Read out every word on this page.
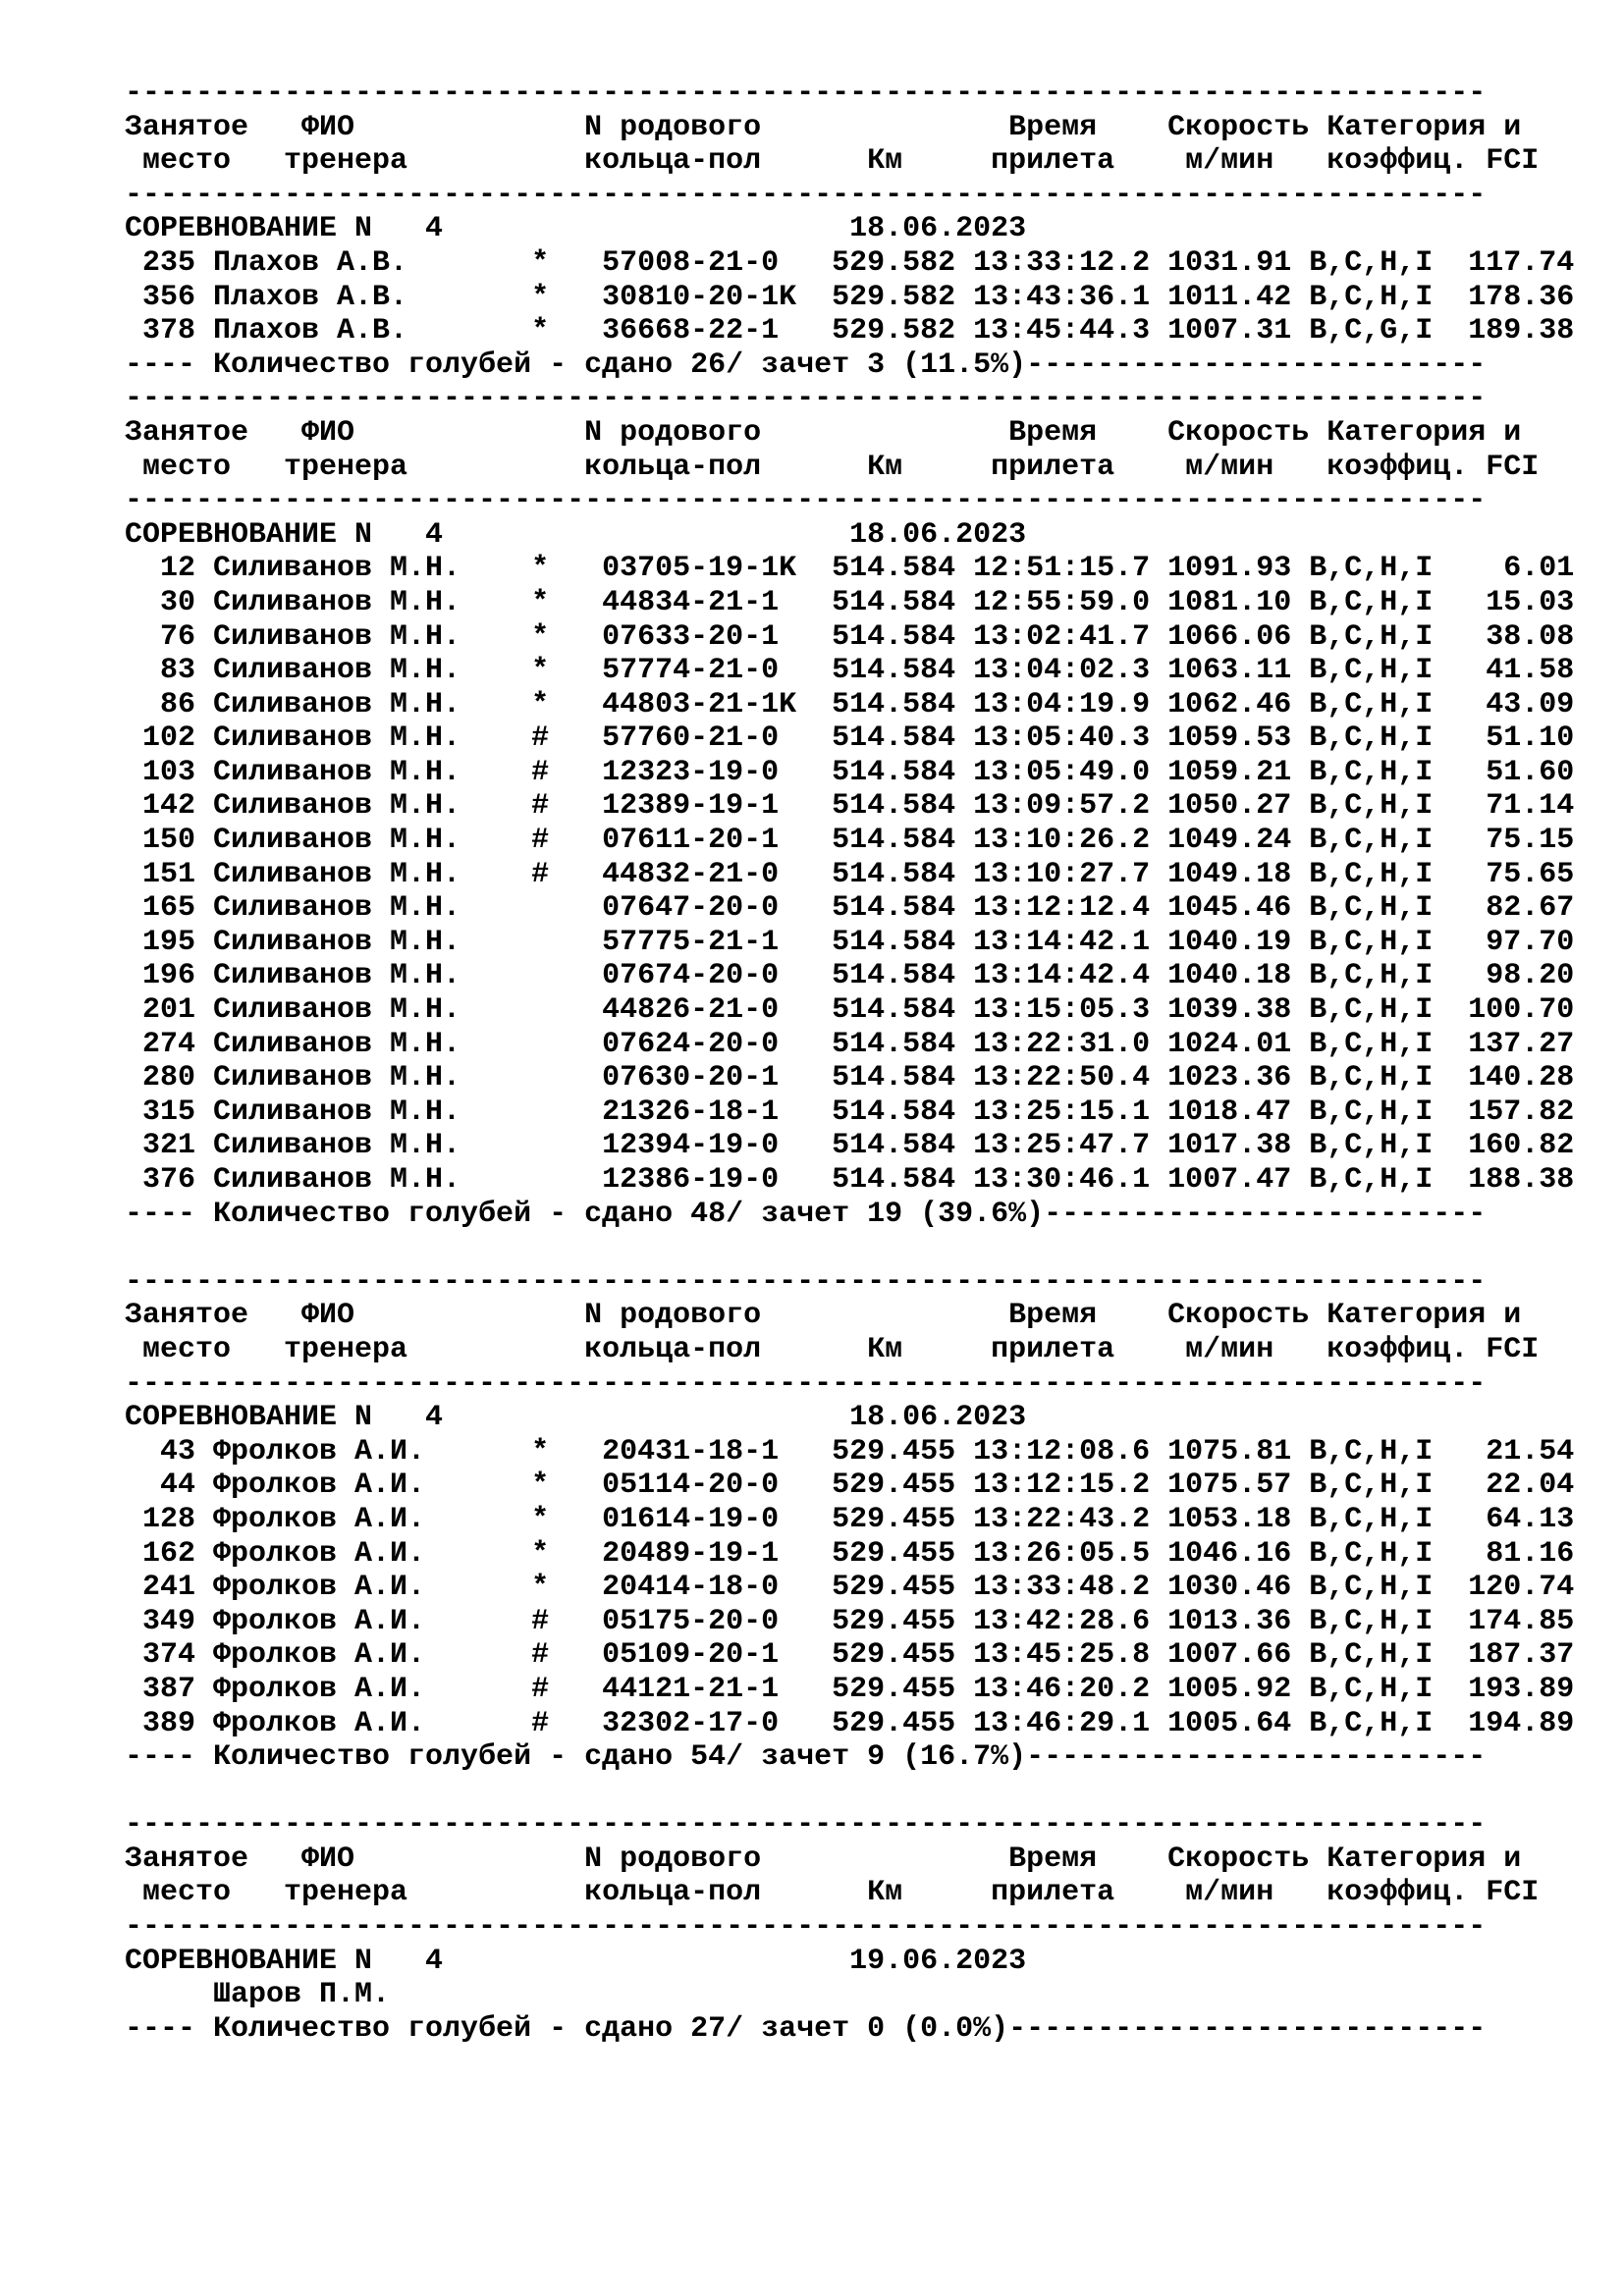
-----------------------------------------------------------------------------
Занятое   ФИО             N родового              Время    Скорость Категория и
место   тренера          кольца-пол      Км     прилета    м/мин   коэффиц. FCI
-----------------------------------------------------------------------------
СОРЕВНОВАНИЕ N   4                       18.06.2023
235 Плахов А.В.       *   57008-21-0   529.582 13:33:12.2 1031.91 B,C,H,I  117.74
356 Плахов А.В.       *   30810-20-1K  529.582 13:43:36.1 1011.42 B,C,H,I  178.36
378 Плахов А.В.       *   36668-22-1   529.582 13:45:44.3 1007.31 B,C,G,I  189.38
---- Количество голубей - сдано 26/ зачет 3 (11.5%)--------------------------
-----------------------------------------------------------------------------
Занятое   ФИО             N родового              Время    Скорость Категория и
место   тренера          кольца-пол      Км     прилета    м/мин   коэффиц. FCI
-----------------------------------------------------------------------------
СОРЕВНОВАНИЕ N   4                       18.06.2023
12 Силиванов М.Н.    *   03705-19-1K  514.584 12:51:15.7 1091.93 B,C,H,I    6.01
30 Силиванов М.Н.    *   44834-21-1   514.584 12:55:59.0 1081.10 B,C,H,I   15.03
76 Силиванов М.Н.    *   07633-20-1   514.584 13:02:41.7 1066.06 B,C,H,I   38.08
83 Силиванов М.Н.    *   57774-21-0   514.584 13:04:02.3 1063.11 B,C,H,I   41.58
86 Силиванов М.Н.    *   44803-21-1K  514.584 13:04:19.9 1062.46 B,C,H,I   43.09
102 Силиванов М.Н.    #   57760-21-0   514.584 13:05:40.3 1059.53 B,C,H,I   51.10
103 Силиванов М.Н.    #   12323-19-0   514.584 13:05:49.0 1059.21 B,C,H,I   51.60
142 Силиванов М.Н.    #   12389-19-1   514.584 13:09:57.2 1050.27 B,C,H,I   71.14
150 Силиванов М.Н.    #   07611-20-1   514.584 13:10:26.2 1049.24 B,C,H,I   75.15
151 Силиванов М.Н.    #   44832-21-0   514.584 13:10:27.7 1049.18 B,C,H,I   75.65
165 Силиванов М.Н.        07647-20-0   514.584 13:12:12.4 1045.46 B,C,H,I   82.67
195 Силиванов М.Н.        57775-21-1   514.584 13:14:42.1 1040.19 B,C,H,I   97.70
196 Силиванов М.Н.        07674-20-0   514.584 13:14:42.4 1040.18 B,C,H,I   98.20
201 Силиванов М.Н.        44826-21-0   514.584 13:15:05.3 1039.38 B,C,H,I  100.70
274 Силиванов М.Н.        07624-20-0   514.584 13:22:31.0 1024.01 B,C,H,I  137.27
280 Силиванов М.Н.        07630-20-1   514.584 13:22:50.4 1023.36 B,C,H,I  140.28
315 Силиванов М.Н.        21326-18-1   514.584 13:25:15.1 1018.47 B,C,H,I  157.82
321 Силиванов М.Н.        12394-19-0   514.584 13:25:47.7 1017.38 B,C,H,I  160.82
376 Силиванов М.Н.        12386-19-0   514.584 13:30:46.1 1007.47 B,C,H,I  188.38
---- Количество голубей - сдано 48/ зачет 19 (39.6%)-------------------------
-----------------------------------------------------------------------------
Занятое   ФИО             N родового              Время    Скорость Категория и
место   тренера          кольца-пол      Км     прилета    м/мин   коэффиц. FCI
-----------------------------------------------------------------------------
СОРЕВНОВАНИЕ N   4                       18.06.2023
43 Фролков А.И.      *   20431-18-1   529.455 13:12:08.6 1075.81 B,C,H,I   21.54
44 Фролков А.И.      *   05114-20-0   529.455 13:12:15.2 1075.57 B,C,H,I   22.04
128 Фролков А.И.      *   01614-19-0   529.455 13:22:43.2 1053.18 B,C,H,I   64.13
162 Фролков А.И.      *   20489-19-1   529.455 13:26:05.5 1046.16 B,C,H,I   81.16
241 Фролков А.И.      *   20414-18-0   529.455 13:33:48.2 1030.46 B,C,H,I  120.74
349 Фролков А.И.      #   05175-20-0   529.455 13:42:28.6 1013.36 B,C,H,I  174.85
374 Фролков А.И.      #   05109-20-1   529.455 13:45:25.8 1007.66 B,C,H,I  187.37
387 Фролков А.И.      #   44121-21-1   529.455 13:46:20.2 1005.92 B,C,H,I  193.89
389 Фролков А.И.      #   32302-17-0   529.455 13:46:29.1 1005.64 B,C,H,I  194.89
---- Количество голубей - сдано 54/ зачет 9 (16.7%)--------------------------
-----------------------------------------------------------------------------
Занятое   ФИО             N родового              Время    Скорость Категория и
место   тренера          кольца-пол      Км     прилета    м/мин   коэффиц. FCI
-----------------------------------------------------------------------------
СОРЕВНОВАНИЕ N   4                       19.06.2023
Шаров П.М.
---- Количество голубей - сдано 27/ зачет 0 (0.0%)---------------------------
